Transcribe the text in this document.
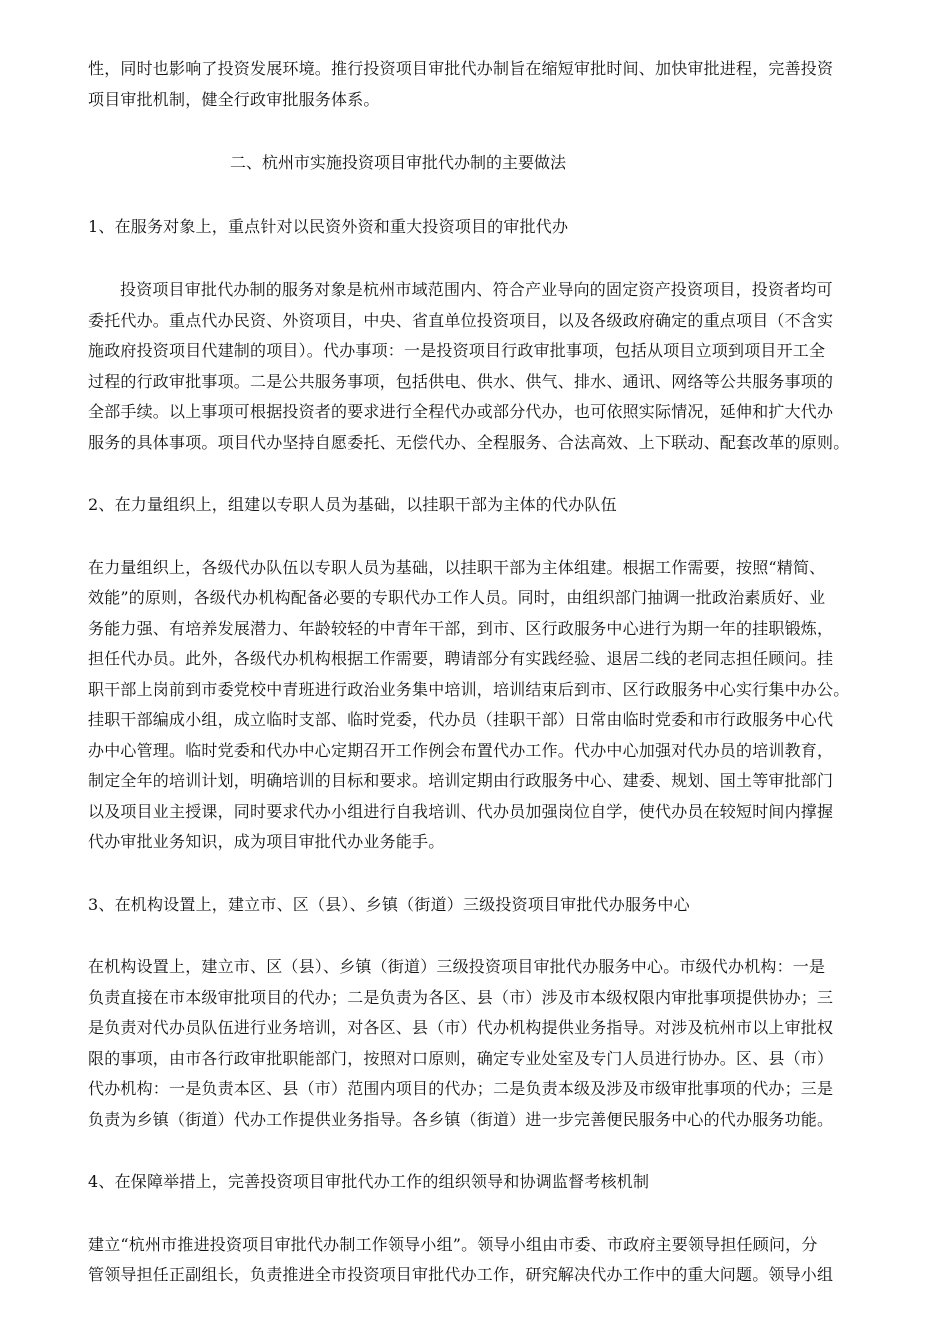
性，同时也影响了投资发展环境。推行投资项目审批代办制旨在缩短审批时间、加快审批进程，完善投资
项目审批机制，健全行政审批服务体系。

二、杭州市实施投资项目审批代办制的主要做法

1、在服务对象上，重点针对以民资外资和重大投资项目的审批代办

投资项目审批代办制的服务对象是杭州市域范围内、符合产业导向的固定资产投资项目，投资者均可
委托代办。重点代办民资、外资项目，中央、省直单位投资项目，以及各级政府确定的重点项目（不含实
施政府投资项目代建制的项目）。代办事项：一是投资项目行政审批事项，包括从项目立项到项目开工全
过程的行政审批事项。二是公共服务事项，包括供电、供水、供气、排水、通讯、网络等公共服务事项的
全部手续。以上事项可根据投资者的要求进行全程代办或部分代办，也可依照实际情况，延伸和扩大代办
服务的具体事项。项目代办坚持自愿委托、无偿代办、全程服务、合法高效、上下联动、配套改革的原则。

2、在力量组织上，组建以专职人员为基础，以挂职干部为主体的代办队伍

在力量组织上，各级代办队伍以专职人员为基础，以挂职干部为主体组建。根据工作需要，按照“精简、
效能”的原则，各级代办机构配备必要的专职代办工作人员。同时，由组织部门抽调一批政治素质好、业
务能力强、有培养发展潜力、年龄较轻的中青年干部，到市、区行政服务中心进行为期一年的挂职锻炼，
担任代办员。此外，各级代办机构根据工作需要，聘请部分有实践经验、退居二线的老同志担任顾问。挂
职干部上岗前到市委党校中青班进行政治业务集中培训，培训结束后到市、区行政服务中心实行集中办公。
挂职干部编成小组，成立临时支部、临时党委，代办员（挂职干部）日常由临时党委和市行政服务中心代
办中心管理。临时党委和代办中心定期召开工作例会布置代办工作。代办中心加强对代办员的培训教育，
制定全年的培训计划，明确培训的目标和要求。培训定期由行政服务中心、建委、规划、国土等审批部门
以及项目业主授课，同时要求代办小组进行自我培训、代办员加强岗位自学，使代办员在较短时间内撑握
代办审批业务知识，成为项目审批代办业务能手。

3、在机构设置上，建立市、区（县）、乡镇（街道）三级投资项目审批代办服务中心

在机构设置上，建立市、区（县）、乡镇（街道）三级投资项目审批代办服务中心。市级代办机构：一是
负责直接在市本级审批项目的代办；二是负责为各区、县（市）涉及市本级权限内审批事项提供协办；三
是负责对代办员队伍进行业务培训，对各区、县（市）代办机构提供业务指导。对涉及杭州市以上审批权
限的事项，由市各行政审批职能部门，按照对口原则，确定专业处室及专门人员进行协办。区、县（市）
代办机构：一是负责本区、县（市）范围内项目的代办；二是负责本级及涉及市级审批事项的代办；三是
负责为乡镇（街道）代办工作提供业务指导。各乡镇（街道）进一步完善便民服务中心的代办服务功能。

4、在保障举措上，完善投资项目审批代办工作的组织领导和协调监督考核机制

建立“杭州市推进投资项目审批代办制工作领导小组”。领导小组由市委、市政府主要领导担任顾问，分
管领导担任正副组长，负责推进全市投资项目审批代办工作，研究解决代办工作中的重大问题。领导小组
